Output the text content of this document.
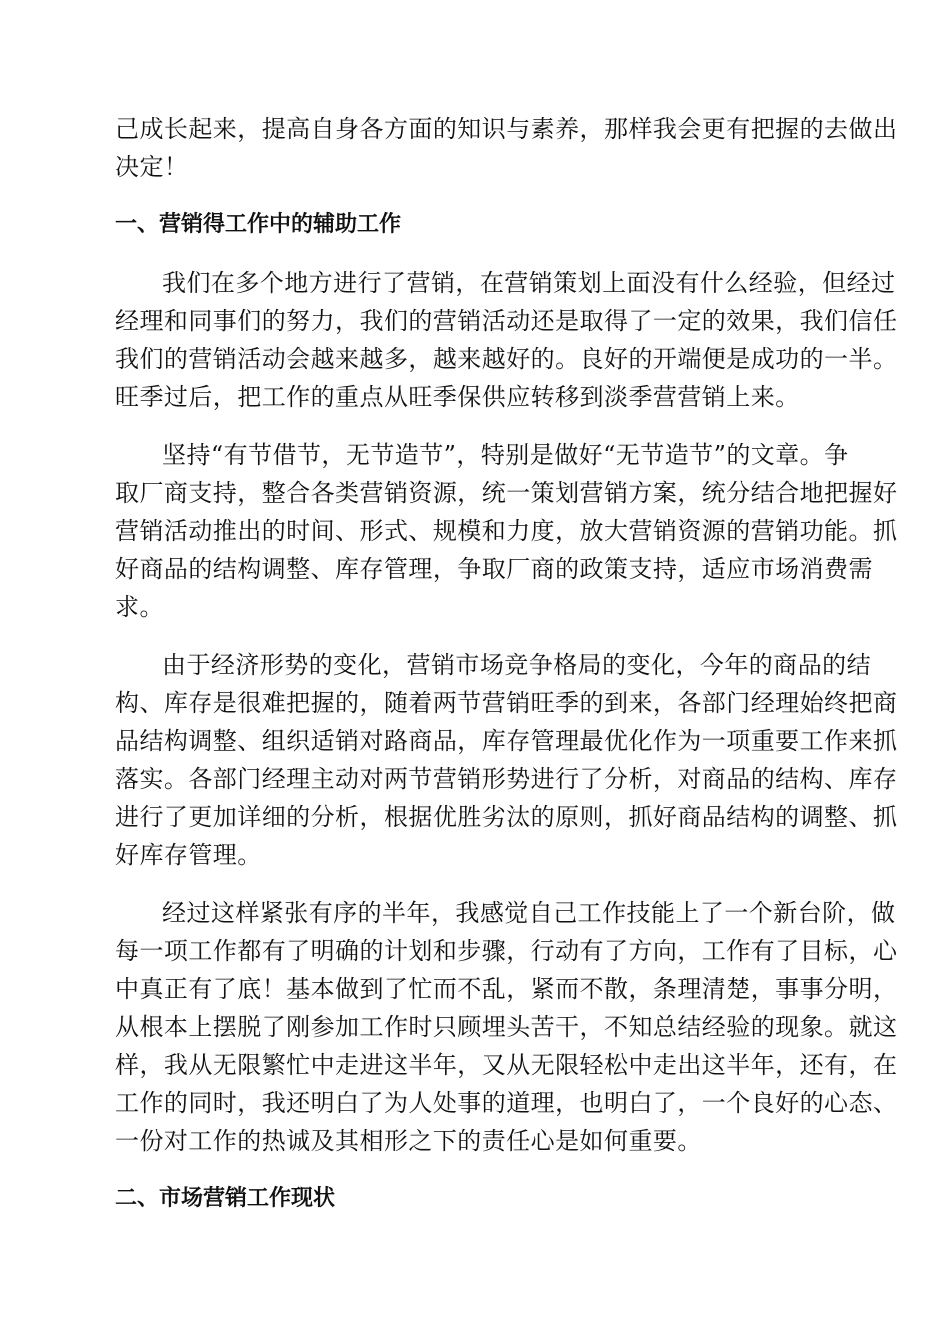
己成长起来，提高自身各方面的知识与素养，那样我会更有把握的去做出
决定！
一、营销得工作中的辅助工作
我们在多个地方进行了营销，在营销策划上面没有什么经验，但经过
经理和同事们的努力，我们的营销活动还是取得了一定的效果，我们信任
我们的营销活动会越来越多，越来越好的。良好的开端便是成功的一半。
旺季过后，把工作的重点从旺季保供应转移到淡季营营销上来。
坚持“有节借节，无节造节”，特别是做好“无节造节”的文章。争
取厂商支持，整合各类营销资源，统一策划营销方案，统分结合地把握好
营销活动推出的时间、形式、规模和力度，放大营销资源的营销功能。抓
好商品的结构调整、库存管理，争取厂商的政策支持，适应市场消费需
求。
由于经济形势的变化，营销市场竞争格局的变化，今年的商品的结
构、库存是很难把握的，随着两节营销旺季的到来，各部门经理始终把商
品结构调整、组织适销对路商品，库存管理最优化作为一项重要工作来抓
落实。各部门经理主动对两节营销形势进行了分析，对商品的结构、库存
进行了更加详细的分析，根据优胜劣汰的原则，抓好商品结构的调整、抓
好库存管理。
经过这样紧张有序的半年，我感觉自己工作技能上了一个新台阶，做
每一项工作都有了明确的计划和步骤，行动有了方向，工作有了目标，心
中真正有了底！基本做到了忙而不乱，紧而不散，条理清楚，事事分明，
从根本上摆脱了刚参加工作时只顾埋头苦干，不知总结经验的现象。就这
样，我从无限繁忙中走进这半年，又从无限轻松中走出这半年，还有，在
工作的同时，我还明白了为人处事的道理，也明白了，一个良好的心态、
一份对工作的热诚及其相形之下的责任心是如何重要。
二、市场营销工作现状
